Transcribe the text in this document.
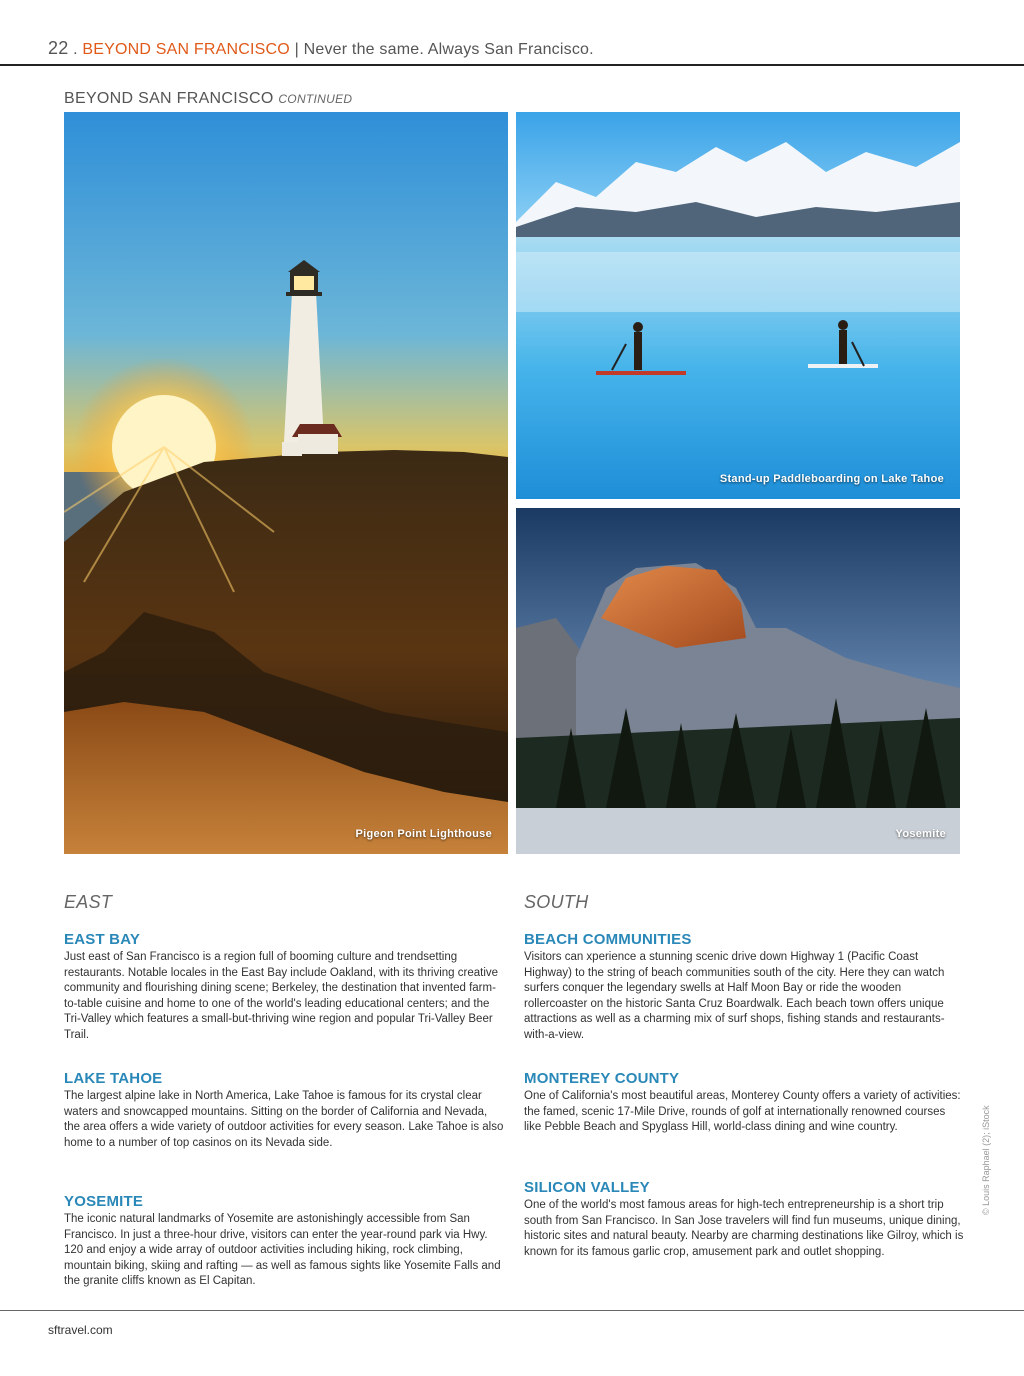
22 . BEYOND SAN FRANCISCO | Never the same. Always San Francisco.
BEYOND SAN FRANCISCO CONTINUED
Pigeon Point Lighthouse
Stand-up Paddleboarding on Lake Tahoe
Yosemite
EAST
EAST BAY

Just east of San Francisco is a region full of booming culture and trendsetting restaurants. Notable locales in the East Bay include Oakland, with its thriving creative community and flourishing dining scene; Berkeley, the destination that invented farm-to-table cuisine and home to one of the world's leading educational centers; and the Tri-Valley which features a small-but-thriving wine region and popular Tri-Valley Beer Trail.

LAKE TAHOE

The largest alpine lake in North America, Lake Tahoe is famous for its crystal clear waters and snowcapped mountains. Sitting on the border of California and Nevada, the area offers a wide variety of outdoor activities for every season. Lake Tahoe is also home to a number of top casinos on its Nevada side.

YOSEMITE

The iconic natural landmarks of Yosemite are astonishingly accessible from San Francisco. In just a three-hour drive, visitors can enter the year-round park via Hwy. 120 and enjoy a wide array of outdoor activities including hiking, rock climbing, mountain biking, skiing and rafting — as well as famous sights like Yosemite Falls and the granite cliffs known as El Capitan.

SOUTH
BEACH COMMUNITIES

Visitors can xperience a stunning scenic drive down Highway 1 (Pacific Coast Highway) to the string of beach communities south of the city. Here they can watch surfers conquer the legendary swells at Half Moon Bay or ride the wooden rollercoaster on the historic Santa Cruz Boardwalk. Each beach town offers unique attractions as well as a charming mix of surf shops, fishing stands and restaurants-with-a-view.

MONTEREY COUNTY

One of California's most beautiful areas, Monterey County offers a variety of activities: the famed, scenic 17-Mile Drive, rounds of golf at internationally renowned courses like Pebble Beach and Spyglass Hill, world-class dining and wine country.

SILICON VALLEY

One of the world's most famous areas for high-tech entrepreneurship is a short trip south from San Francisco. In San Jose travelers will find fun museums, unique dining, historic sites and natural beauty. Nearby are charming destinations like Gilroy, which is known for its famous garlic crop, amusement park and outlet shopping.

© Louis Raphael (2); iStock
sftravel.com
